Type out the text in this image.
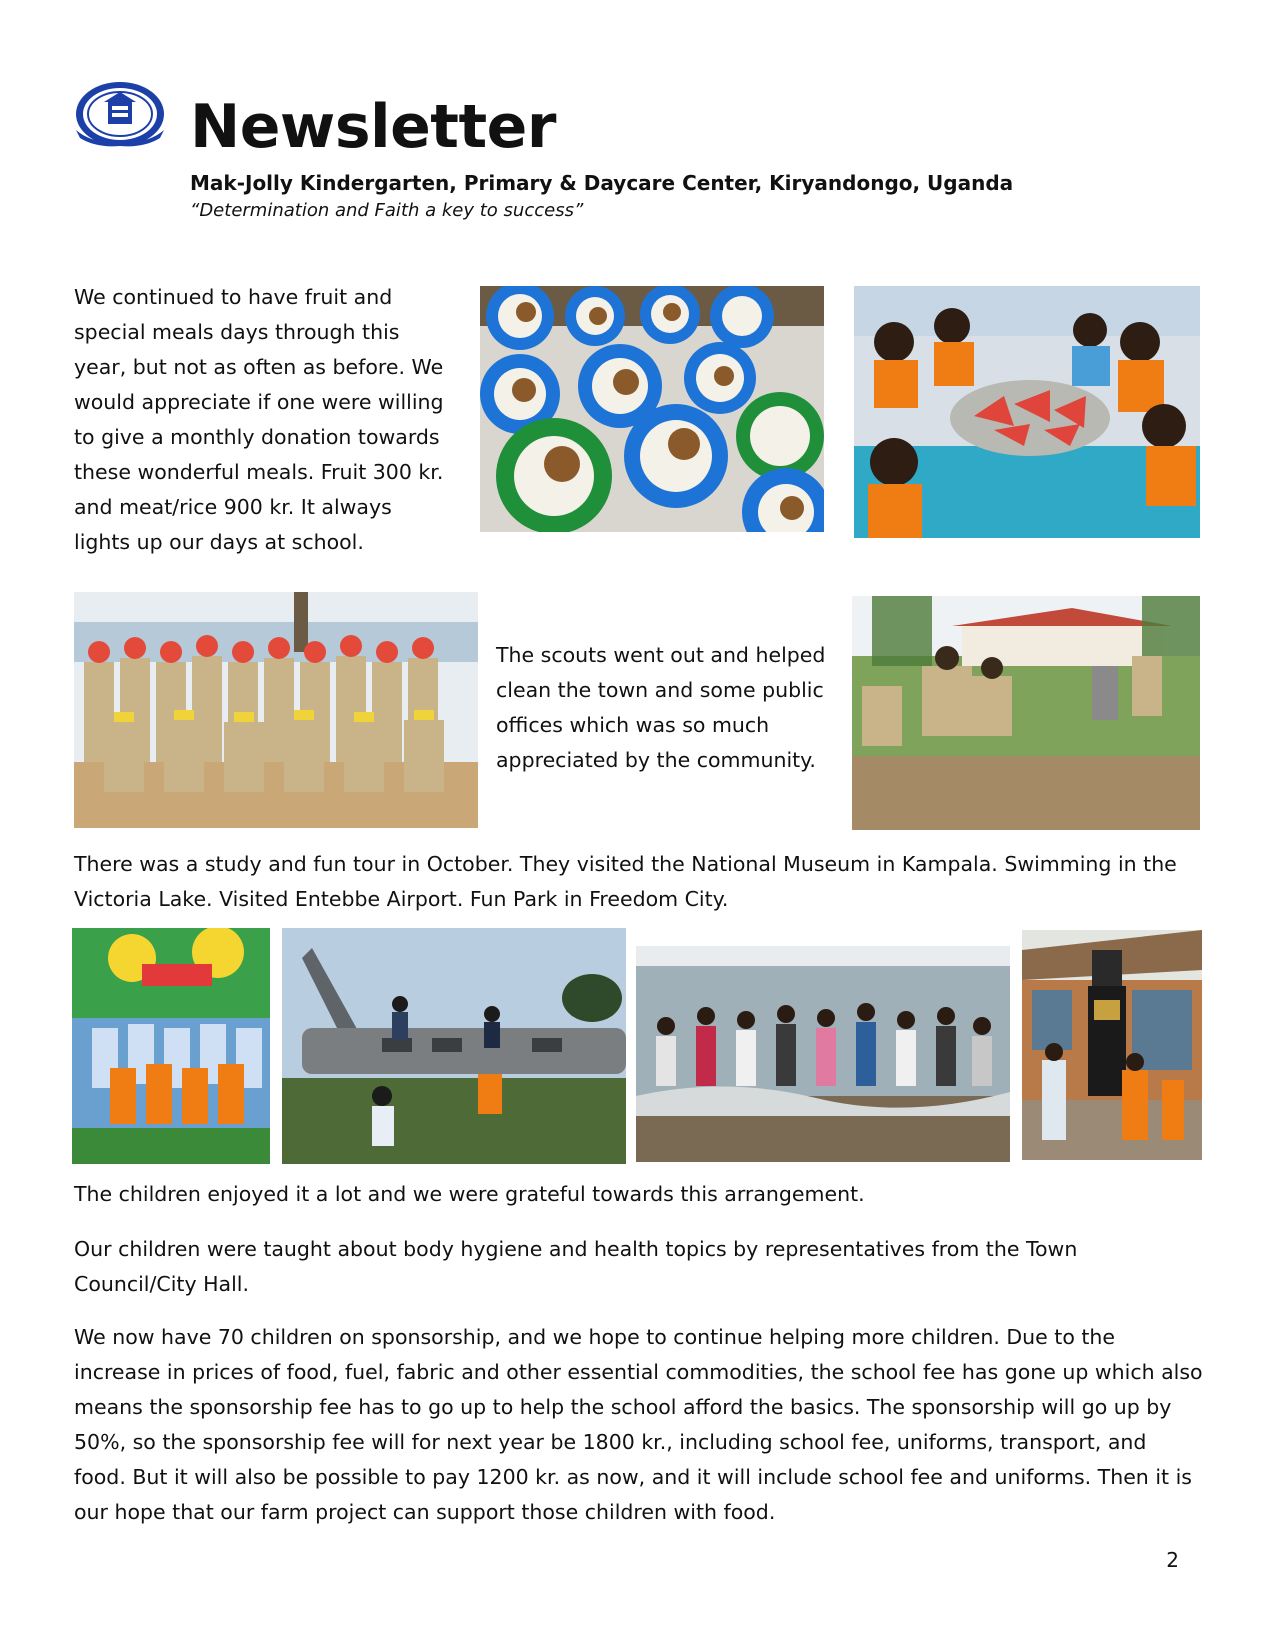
Newsletter
Mak-Jolly Kindergarten, Primary & Daycare Center, Kiryandongo, Uganda
“Determination and Faith a key to success”

We continued to have fruit and special meals days through this year, but not as often as before. We would appreciate if one were willing to give a monthly donation towards these wonderful meals. Fruit 300 kr. and meat/rice 900 kr. It always lights up our days at school.

The scouts went out and helped clean the town and some public offices which was so much appreciated by the community.

There was a study and fun tour in October. They visited the National Museum in Kampala. Swimming in the Victoria Lake. Visited Entebbe Airport. Fun Park in Freedom City.

The children enjoyed it a lot and we were grateful towards this arrangement.

Our children were taught about body hygiene and health topics by representatives from the Town Council/City Hall.

We now have 70 children on sponsorship, and we hope to continue helping more children. Due to the increase in prices of food, fuel, fabric and other essential commodities, the school fee has gone up which also means the sponsorship fee has to go up to help the school afford the basics. The sponsorship will go up by 50%, so the sponsorship fee will for next year be 1800 kr., including school fee, uniforms, transport, and food. But it will also be possible to pay 1200 kr. as now, and it will include school fee and uniforms. Then it is our hope that our farm project can support those children with food.

2
